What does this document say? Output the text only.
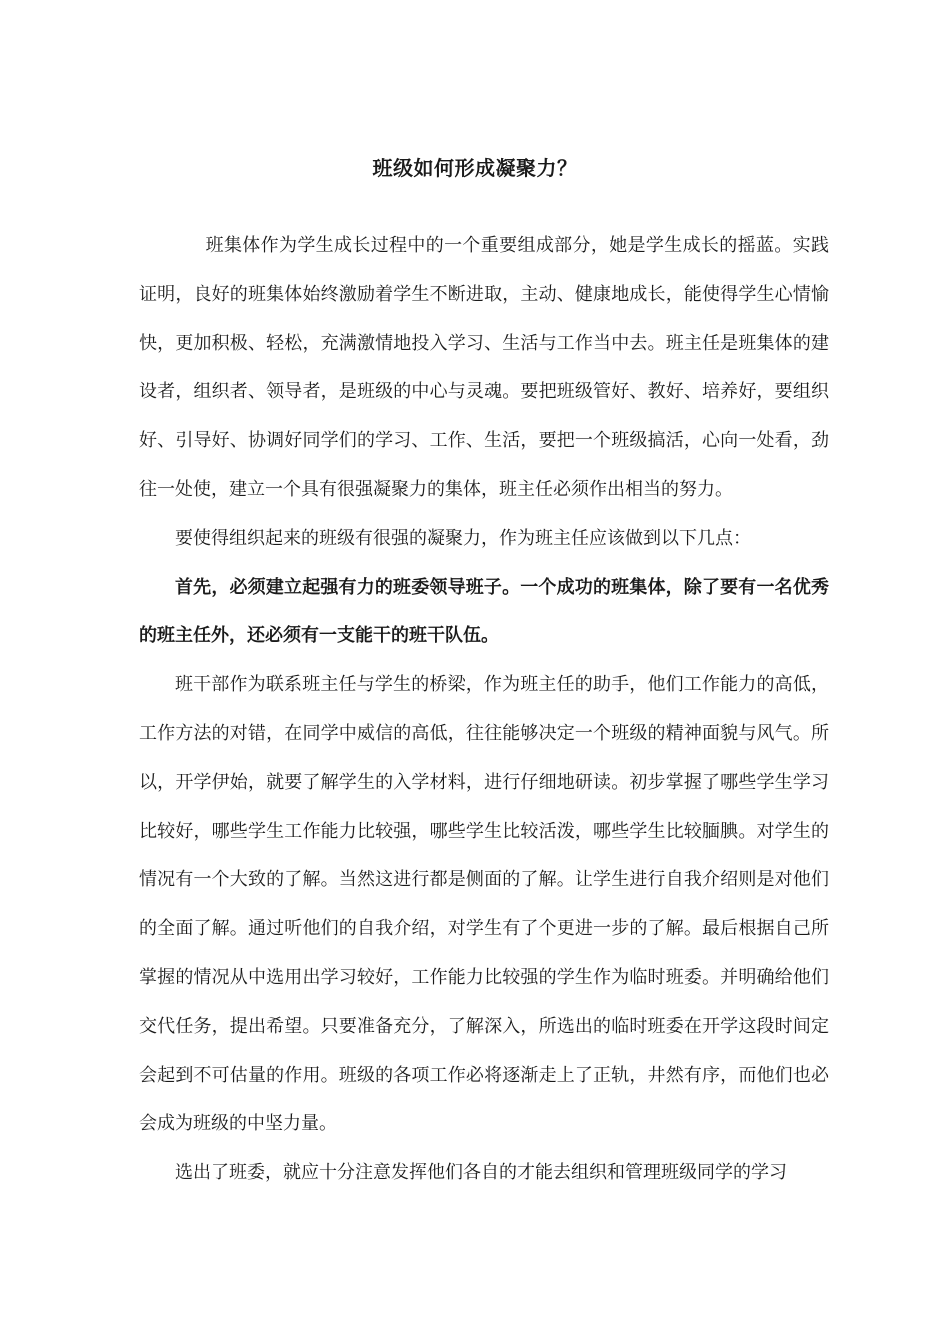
班级如何形成凝聚力？

班集体作为学生成长过程中的一个重要组成部分，她是学生成长的摇蓝。实践证明，良好的班集体始终激励着学生不断进取，主动、健康地成长，能使得学生心情愉快，更加积极、轻松，充满激情地投入学习、生活与工作当中去。班主任是班集体的建设者，组织者、领导者，是班级的中心与灵魂。要把班级管好、教好、培养好，要组织好、引导好、协调好同学们的学习、工作、生活，要把一个班级搞活，心向一处看，劲往一处使，建立一个具有很强凝聚力的集体，班主任必须作出相当的努力。

要使得组织起来的班级有很强的凝聚力，作为班主任应该做到以下几点：

首先，必须建立起强有力的班委领导班子。一个成功的班集体，除了要有一名优秀的班主任外，还必须有一支能干的班干队伍。

班干部作为联系班主任与学生的桥梁，作为班主任的助手，他们工作能力的高低，工作方法的对错，在同学中威信的高低，往往能够决定一个班级的精神面貌与风气。所以，开学伊始，就要了解学生的入学材料，进行仔细地研读。初步掌握了哪些学生学习比较好，哪些学生工作能力比较强，哪些学生比较活泼，哪些学生比较腼腆。对学生的情况有一个大致的了解。当然这进行都是侧面的了解。让学生进行自我介绍则是对他们的全面了解。通过听他们的自我介绍，对学生有了个更进一步的了解。最后根据自己所掌握的情况从中选用出学习较好，工作能力比较强的学生作为临时班委。并明确给他们交代任务，提出希望。只要准备充分，了解深入，所选出的临时班委在开学这段时间定会起到不可估量的作用。班级的各项工作必将逐渐走上了正轨，井然有序，而他们也必会成为班级的中坚力量。

选出了班委，就应十分注意发挥他们各自的才能去组织和管理班级同学的学习
